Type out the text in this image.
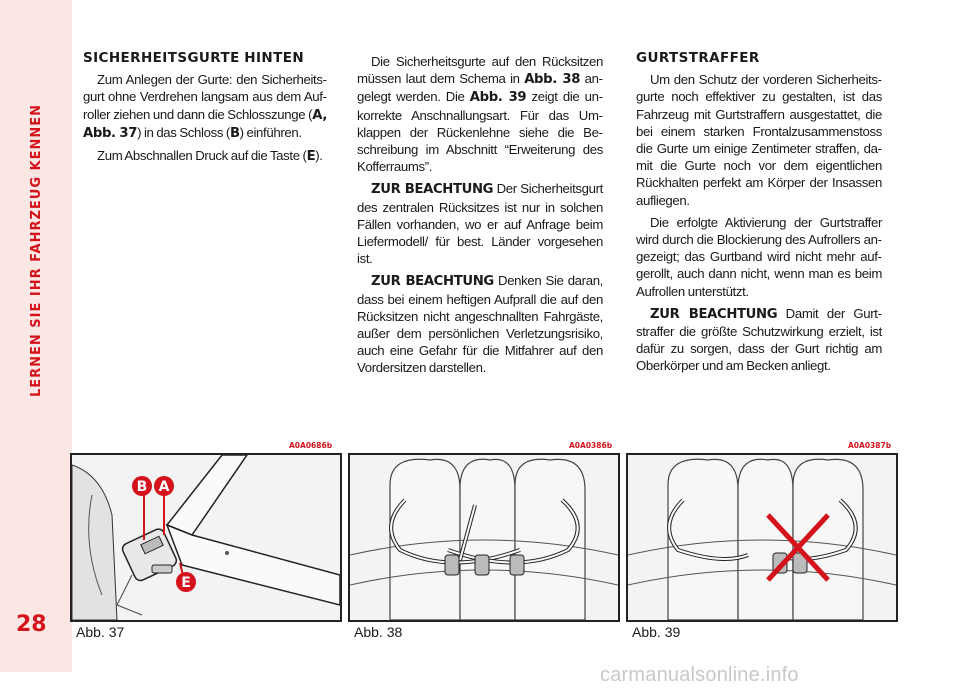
LERNEN SIE IHR FAHRZEUG KENNEN
28
SICHERHEITSGURTE HINTEN

Zum Anlegen der Gurte: den Sicherheitsgurt ohne Verdrehen langsam aus dem Aufroller ziehen und dann die Schlosszunge (A, Abb. 37) in das Schloss (B) einführen.

Zum Abschnallen Druck auf die Taste (E).

Die Sicherheitsgurte auf den Rücksitzen müssen laut dem Schema in Abb. 38 angelegt werden. Die Abb. 39 zeigt die unkorrekte Anschnallungsart. Für das Umklappen der Rückenlehne siehe die Beschreibung im Abschnitt “Erweiterung des Kofferraums”.

ZUR BEACHTUNG Der Sicherheitsgurt des zentralen Rücksitzes ist nur in solchen Fällen vorhanden, wo er auf Anfrage beim Liefermodell/ für best. Länder vorgesehen ist.

ZUR BEACHTUNG Denken Sie daran, dass bei einem heftigen Aufprall die auf den Rücksitzen nicht angeschnallten Fahrgäste, außer dem persönlichen Verletzungsrisiko, auch eine Gefahr für die Mitfahrer auf den Vordersitzen darstellen.

GURTSTRAFFER

Um den Schutz der vorderen Sicherheitsgurte noch effektiver zu gestalten, ist das Fahrzeug mit Gurtstraffern ausgestattet, die bei einem starken Frontalzusammenstoss die Gurte um einige Zentimeter straffen, damit die Gurte noch vor dem eigentlichen Rückhalten perfekt am Körper der Insassen aufliegen.

Die erfolgte Aktivierung der Gurtstraffer wird durch die Blockierung des Aufrollers angezeigt; das Gurtband wird nicht mehr aufgerollt, auch dann nicht, wenn man es beim Aufrollen unterstützt.

ZUR BEACHTUNG Damit der Gurtstraffer die größte Schutzwirkung erzielt, ist dafür zu sorgen, dass der Gurt richtig am Oberkörper und am Becken anliegt.

A0A0686b	A0A0386b	A0A0387b
B A
E
Abb. 37	Abb. 38	Abb. 39
carmanualsonline.info
